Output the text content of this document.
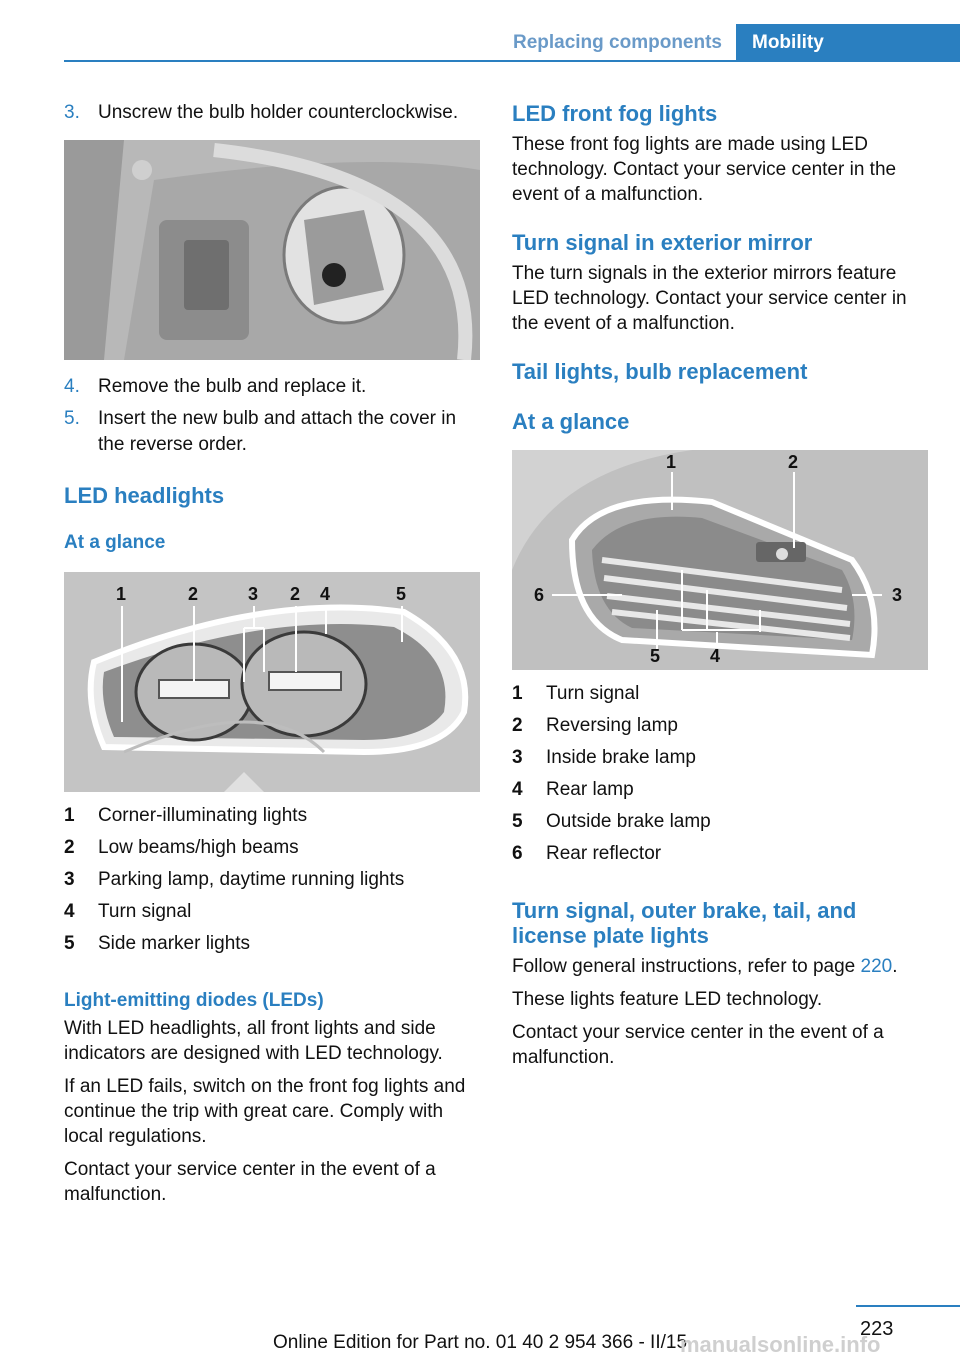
Replacing components	Mobility
3. Unscrew the bulb holder counterclockwise.
4. Remove the bulb and replace it.
5. Insert the new bulb and attach the cover in the reverse order.
LED headlights
At a glance
1	2	3 2 4	5
1	Corner-illuminating lights
2	Low beams/high beams
3	Parking lamp, daytime running lights
4	Turn signal
5	Side marker lights
Light-emitting diodes (LEDs)

With LED headlights, all front lights and side indicators are designed with LED technology.

If an LED fails, switch on the front fog lights and continue the trip with great care. Comply with local regulations.

Contact your service center in the event of a malfunction.

LED front fog lights

These front fog lights are made using LED technology. Contact your service center in the event of a malfunction.

Turn signal in exterior mirror

The turn signals in the exterior mirrors feature LED technology. Contact your service center in the event of a malfunction.

Tail lights, bulb replacement
At a glance
1	2
3
4
5
6
1	Turn signal
2	Reversing lamp
3	Inside brake lamp
4	Rear lamp
5	Outside brake lamp
6	Rear reflector
Turn signal, outer brake, tail, and license plate lights

Follow general instructions, refer to page 220.

These lights feature LED technology.

Contact your service center in the event of a malfunction.

223
Online Edition for Part no. 01 40 2 954 366 - II/15
manualsonline.info
